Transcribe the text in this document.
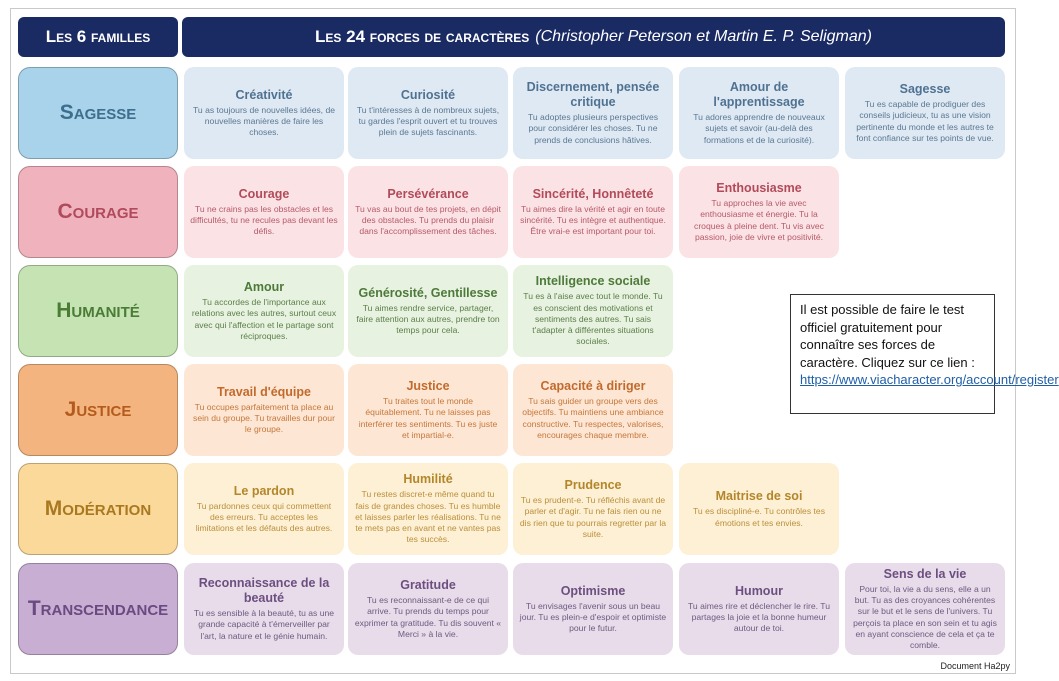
Les 6 familles	Les 24 forces de caractères (Christopher Peterson et Martin E. P. Seligman)
Sagesse
Créativité
Tu as toujours de nouvelles idées, de nouvelles manières de faire les choses.
Curiosité
Tu t'intéresses à de nombreux sujets, tu gardes l'esprit ouvert et tu trouves plein de sujets fascinants.
Discernement, pensée critique
Tu adoptes plusieurs perspectives pour considérer les choses. Tu ne prends de conclusions hâtives.
Amour de l'apprentissage
Tu adores apprendre de nouveaux sujets et savoir (au-delà des formations et de la curiosité).
Sagesse
Tu es capable de prodiguer des conseils judicieux, tu as une vision pertinente du monde et les autres te font confiance sur tes points de vue.
Courage
Courage
Tu ne crains pas les obstacles et les difficultés, tu ne recules pas devant les défis.
Persévérance
Tu vas au bout de tes projets, en dépit des obstacles. Tu prends du plaisir dans l'accomplissement des tâches.
Sincérité, Honnêteté
Tu aimes dire la vérité et agir en toute sincérité. Tu es intègre et authentique. Être vrai-e est important pour toi.
Enthousiasme
Tu approches la vie avec enthousiasme et énergie. Tu la croques à pleine dent. Tu vis avec passion, joie de vivre et positivité.
Humanité
Amour
Tu accordes de l'importance aux relations avec les autres, surtout ceux avec qui l'affection et le partage sont réciproques.
Générosité, Gentillesse
Tu aimes rendre service, partager, faire attention aux autres, prendre ton temps pour cela.
Intelligence sociale
Tu es à l'aise avec tout le monde. Tu es conscient des motivations et sentiments des autres. Tu sais t'adapter à différentes situations sociales.
Justice
Travail d'équipe
Tu occupes parfaitement ta place au sein du groupe. Tu travailles dur pour le groupe.
Justice
Tu traites tout le monde équitablement. Tu ne laisses pas interférer tes sentiments. Tu es juste et impartial-e.
Capacité à diriger
Tu sais guider un groupe vers des objectifs. Tu maintiens une ambiance constructive. Tu respectes, valorises, encourages chaque membre.
Modération
Le pardon
Tu pardonnes ceux qui commettent des erreurs. Tu acceptes les limitations et les défauts des autres.
Humilité
Tu restes discret-e même quand tu fais de grandes choses. Tu es humble et laisses parler les réalisations. Tu ne te mets pas en avant et ne vantes pas tes succès.
Prudence
Tu es prudent-e. Tu réfléchis avant de parler et d'agir. Tu ne fais rien ou ne dis rien que tu pourrais regretter par la suite.
Maitrise de soi
Tu es discipliné-e. Tu contrôles tes émotions et tes envies.
Transcendance
Reconnaissance de la beauté
Tu es sensible à la beauté, tu as une grande capacité à t'émerveiller par l'art, la nature et le génie humain.
Gratitude
Tu es reconnaissant-e de ce qui arrive. Tu prends du temps pour exprimer ta gratitude. Tu dis souvent « Merci » à la vie.
Optimisme
Tu envisages l'avenir sous un beau jour. Tu es plein-e d'espoir et optimiste pour le futur.
Humour
Tu aimes rire et déclencher le rire. Tu partages la joie et la bonne humeur autour de toi.
Sens de la vie
Pour toi, la vie a du sens, elle a un but. Tu as des croyances cohérentes sur le but et le sens de l'univers. Tu perçois ta place en son sein et tu agis en ayant conscience de cela et ça te comble.
Il est possible de faire le test officiel gratuitement pour connaître ses forces de caractère. Cliquez sur ce lien :
https://www.viacharacter.org/account/register
Document Ha2py
